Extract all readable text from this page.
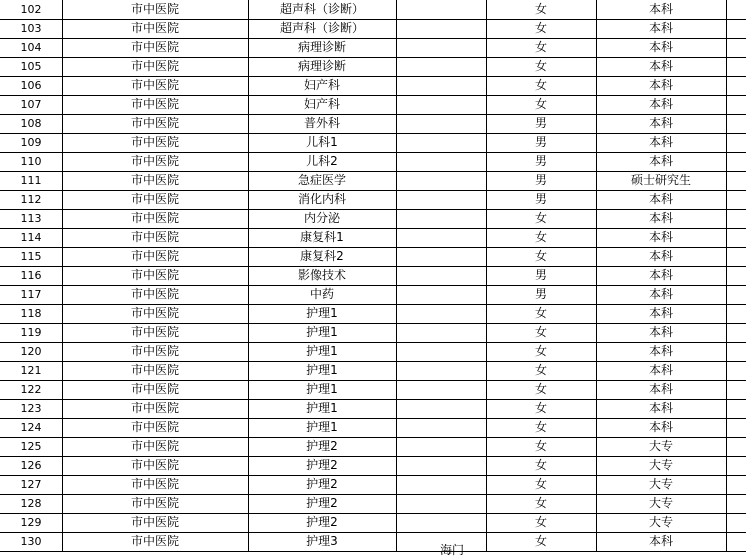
102	市中医院	超声科（诊断）	女	本科
103	市中医院	超声科（诊断）	女	本科
104	市中医院	病理诊断	女	本科
105	市中医院	病理诊断	女	本科
106	市中医院	妇产科	女	本科
107	市中医院	妇产科	女	本科
108	市中医院	普外科	男	本科
109	市中医院	儿科1	男	本科
110	市中医院	儿科2	男	本科
111	市中医院	急症医学	男	硕士研究生
112	市中医院	消化内科	男	本科
113	市中医院	内分泌	女	本科
114	市中医院	康复科1	女	本科
115	市中医院	康复科2	女	本科
116	市中医院	影像技术	男	本科
117	市中医院	中药	男	本科
118	市中医院	护理1	女	本科
119	市中医院	护理1	女	本科
120	市中医院	护理1	女	本科
121	市中医院	护理1	女	本科
122	市中医院	护理1	女	本科
123	市中医院	护理1	女	本科
124	市中医院	护理1	女	本科
125	市中医院	护理2	女	大专
126	市中医院	护理2	女	大专
127	市中医院	护理2	女	大专
128	市中医院	护理2	女	大专
129	市中医院	护理2	女	大专
130	市中医院	护理3	女	本科
海门
